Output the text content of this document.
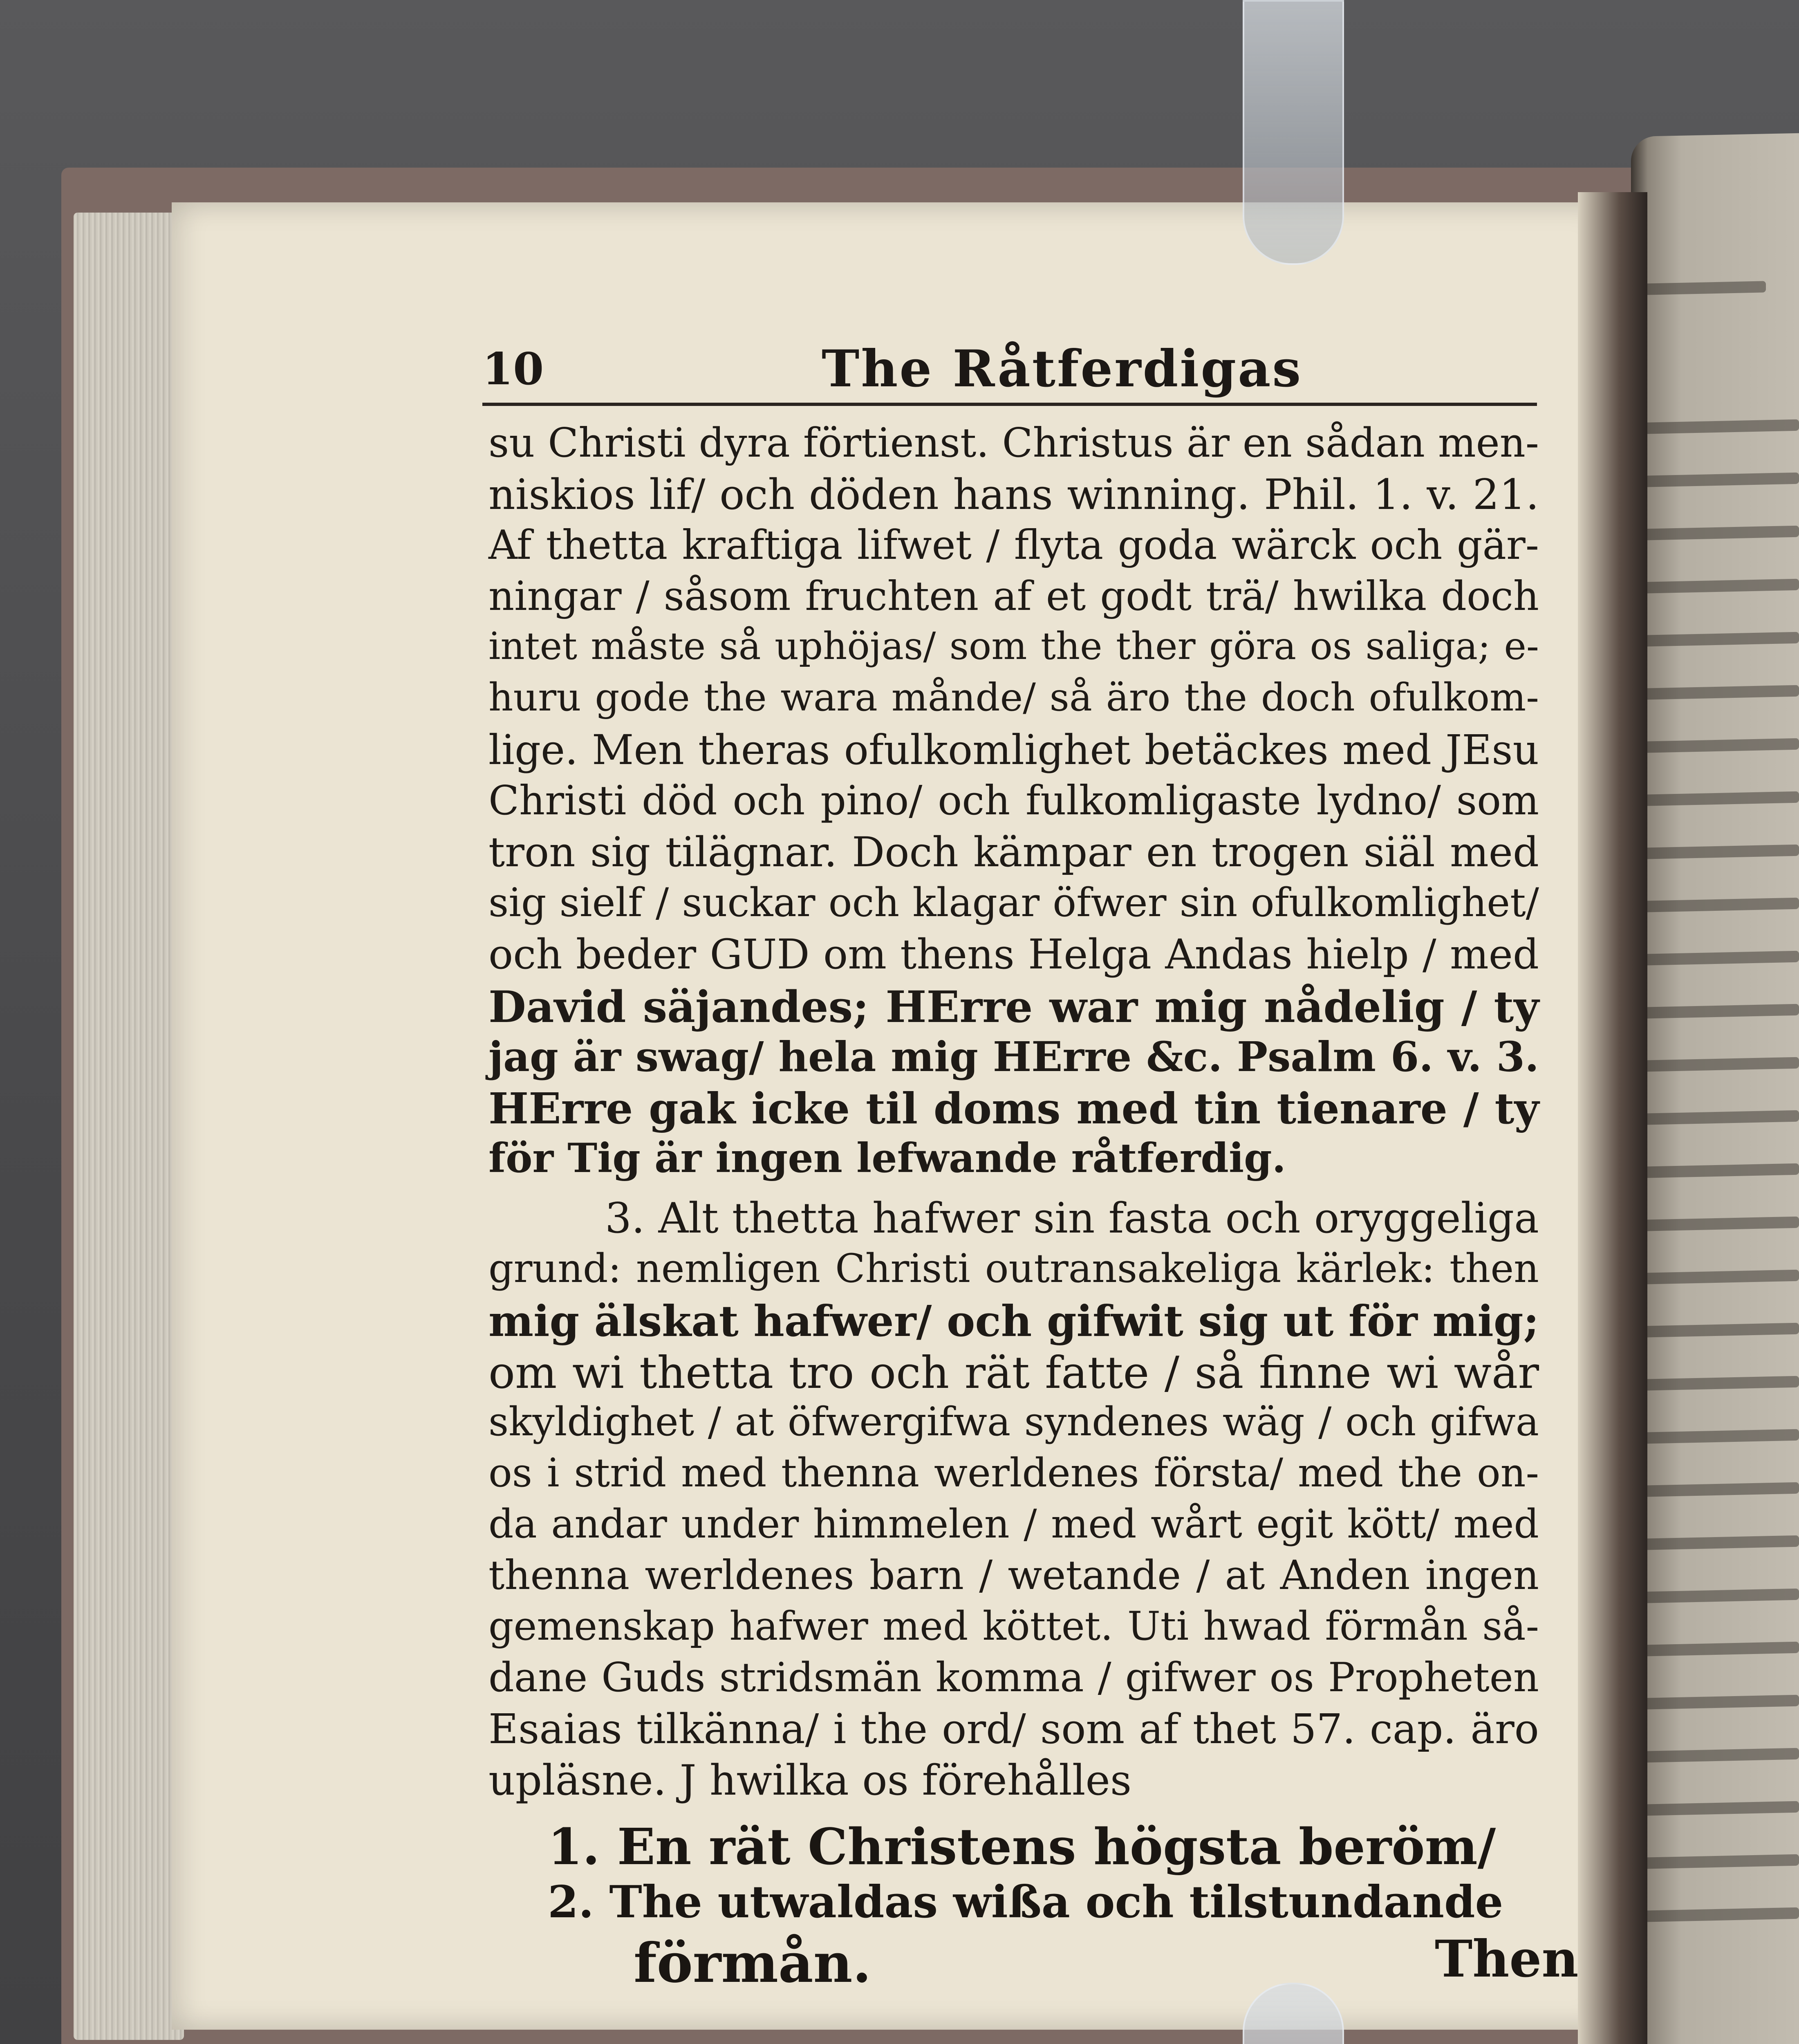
10	The Råtferdigas
su Christi dyra förtienst. Christus är en sådan men-
niskios lif/ och döden hans winning. Phil. 1. v. 21.
Af thetta kraftiga lifwet / flyta goda wärck och gär-
ningar / såsom fruchten af et godt trä/ hwilka doch
intet måste så uphöjas/ som the ther göra os saliga; e-
huru gode the wara månde/ så äro the doch ofulkom-
lige. Men theras ofulkomlighet betäckes med JEsu
Christi död och pino/ och fulkomligaste lydno/ som
tron sig tilägnar. Doch kämpar en trogen siäl med
sig sielf / suckar och klagar öfwer sin ofulkomlighet/
och beder GUD om thens Helga Andas hielp / med
David säjandes; HErre war mig nådelig / ty
jag är swag/ hela mig HErre &c. Psalm 6. v. 3.
HErre gak icke til doms med tin tienare / ty
för Tig är ingen lefwande råtferdig.
3. Alt thetta hafwer sin fasta och oryggeliga
grund: nemligen Christi outransakeliga kärlek: then
mig älskat hafwer/ och gifwit sig ut för mig;
om wi thetta tro och rät fatte / så finne wi wår
skyldighet / at öfwergifwa syndenes wäg / och gifwa
os i strid med thenna werldenes första/ med the on-
da andar under himmelen / med wårt egit kött/ med
thenna werldenes barn / wetande / at Anden ingen
gemenskap hafwer med köttet. Uti hwad förmån så-
dane Guds stridsmän komma / gifwer os Propheten
Esaias tilkänna/ i the ord/ som af thet 57. cap. äro
upläsne. J hwilka os förehålles
1. En rät Christens högsta beröm/
2. The utwaldas wißa och tilstundande
förmån.	Then
